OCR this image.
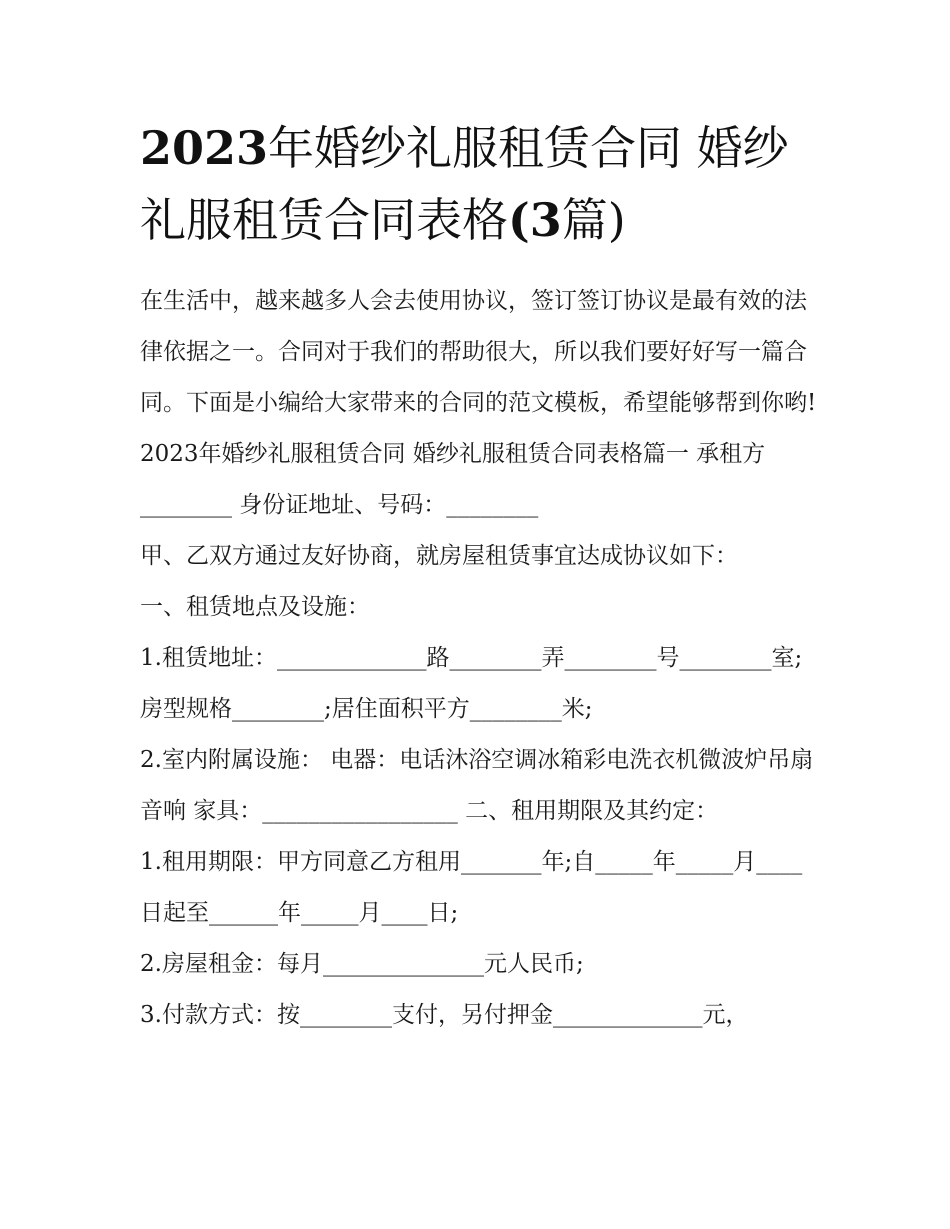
2023年婚纱礼服租赁合同 婚纱礼服租赁合同表格(3篇)

在生活中，越来越多人会去使用协议，签订签订协议是最有效的法律依据之一。合同对于我们的帮助很大，所以我们要好好写一篇合同。下面是小编给大家带来的合同的范文模板，希望能够帮到你哟!

2023年婚纱礼服租赁合同 婚纱礼服租赁合同表格篇一 承租方________ 身份证地址、号码：________

甲、乙双方通过友好协商，就房屋租赁事宜达成协议如下：

一、租赁地点及设施：

1.租赁地址：_____________路________弄________号________室;房型规格________;居住面积平方________米;

2.室内附属设施： 电器：电话沐浴空调冰箱彩电洗衣机微波炉吊扇音响 家具：_________________ 二、租用期限及其约定：

1.租用期限：甲方同意乙方租用_______年;自_____年_____月____日起至______年_____月____日;

2.房屋租金：每月______________元人民币;

3.付款方式：按________支付，另付押金_____________元，
